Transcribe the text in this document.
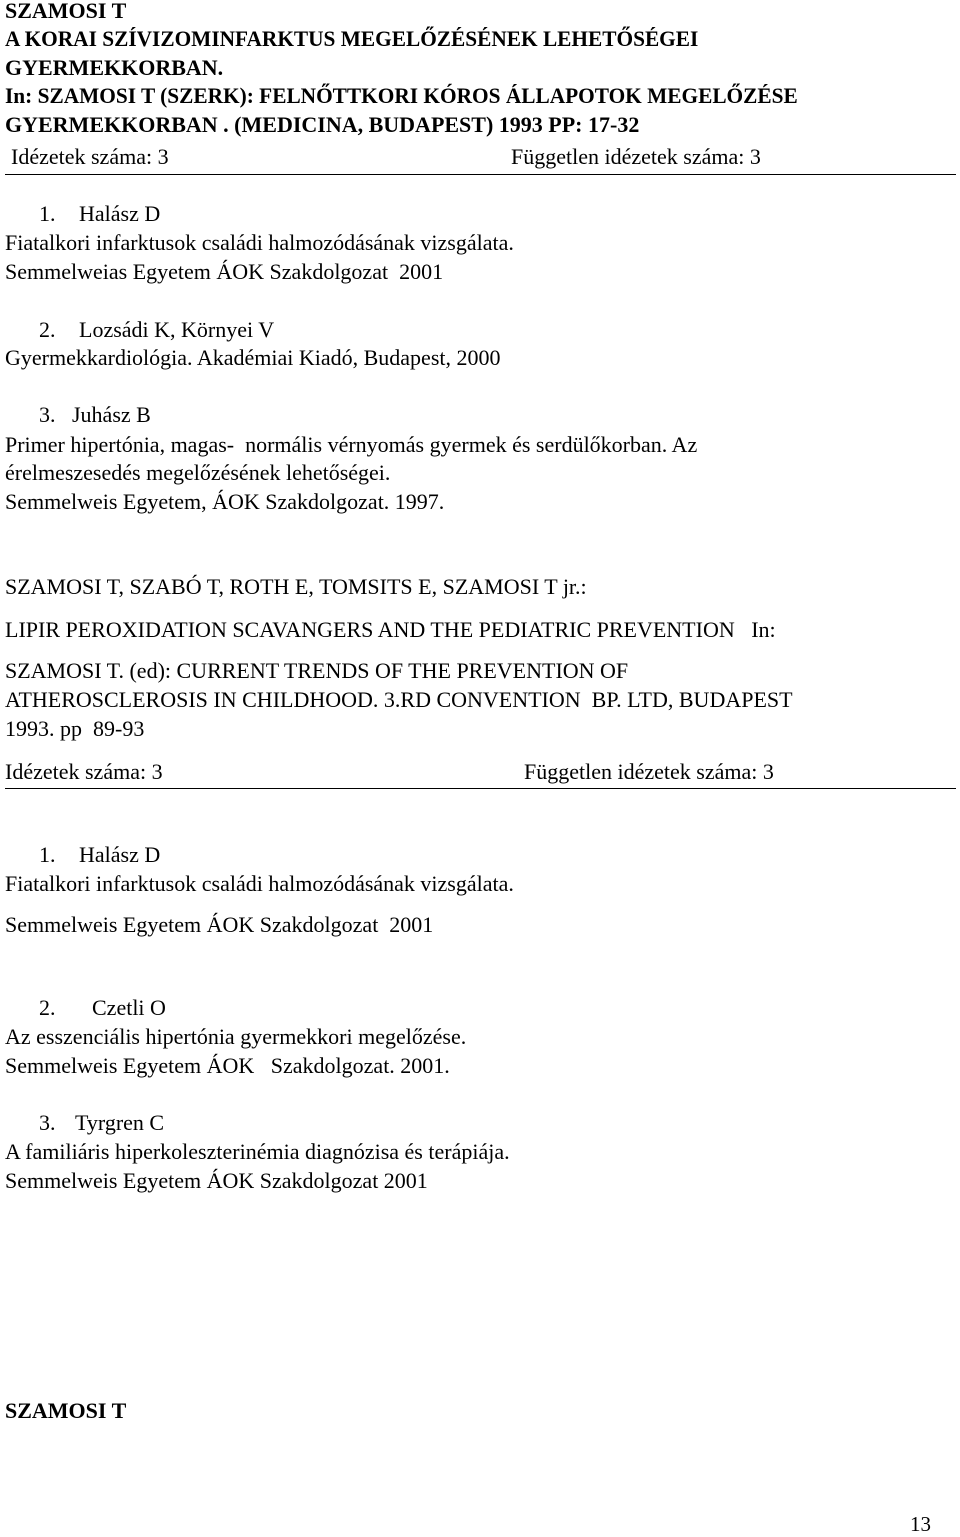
SZAMOSI T
A KORAI SZÍVIZOMINFARKTUS MEGELŐZÉSÉNEK LEHETŐSÉGEI
GYERMEKKORBAN.
In: SZAMOSI T (SZERK): FELNŐTTKORI KÓROS ÁLLAPOTOK MEGELŐZÉSE
GYERMEKKORBAN . (MEDICINA, BUDAPEST) 1993 PP: 17-32
Idézetek száma: 3	Független idézetek száma: 3
1. Halász D
Fiatalkori infarktusok családi halmozódásának vizsgálata.
Semmelweias Egyetem ÁOK Szakdolgozat  2001
2. Lozsádi K, Környei V
Gyermekkardiológia. Akadémiai Kiadó, Budapest, 2000
3. Juhász B
Primer hipertónia, magas-  normális vérnyomás gyermek és serdülőkorban. Az
érelmeszesedés megelőzésének lehetőségei.
Semmelweis Egyetem, ÁOK Szakdolgozat. 1997.
SZAMOSI T, SZABÓ T, ROTH E, TOMSITS E, SZAMOSI T jr.:
LIPIR PEROXIDATION SCAVANGERS AND THE PEDIATRIC PREVENTION   In:
SZAMOSI T. (ed): CURRENT TRENDS OF THE PREVENTION OF
ATHEROSCLEROSIS IN CHILDHOOD. 3.RD CONVENTION  BP. LTD, BUDAPEST
1993. pp  89-93
Idézetek száma: 3	Független idézetek száma: 3
1. Halász D
Fiatalkori infarktusok családi halmozódásának vizsgálata.
Semmelweis Egyetem ÁOK Szakdolgozat  2001
2. Czetli O
Az esszenciális hipertónia gyermekkori megelőzése.
Semmelweis Egyetem ÁOK   Szakdolgozat. 2001.
3. Tyrgren C
A familiáris hiperkoleszterinémia diagnózisa és terápiája.
Semmelweis Egyetem ÁOK Szakdolgozat 2001
SZAMOSI T
13
